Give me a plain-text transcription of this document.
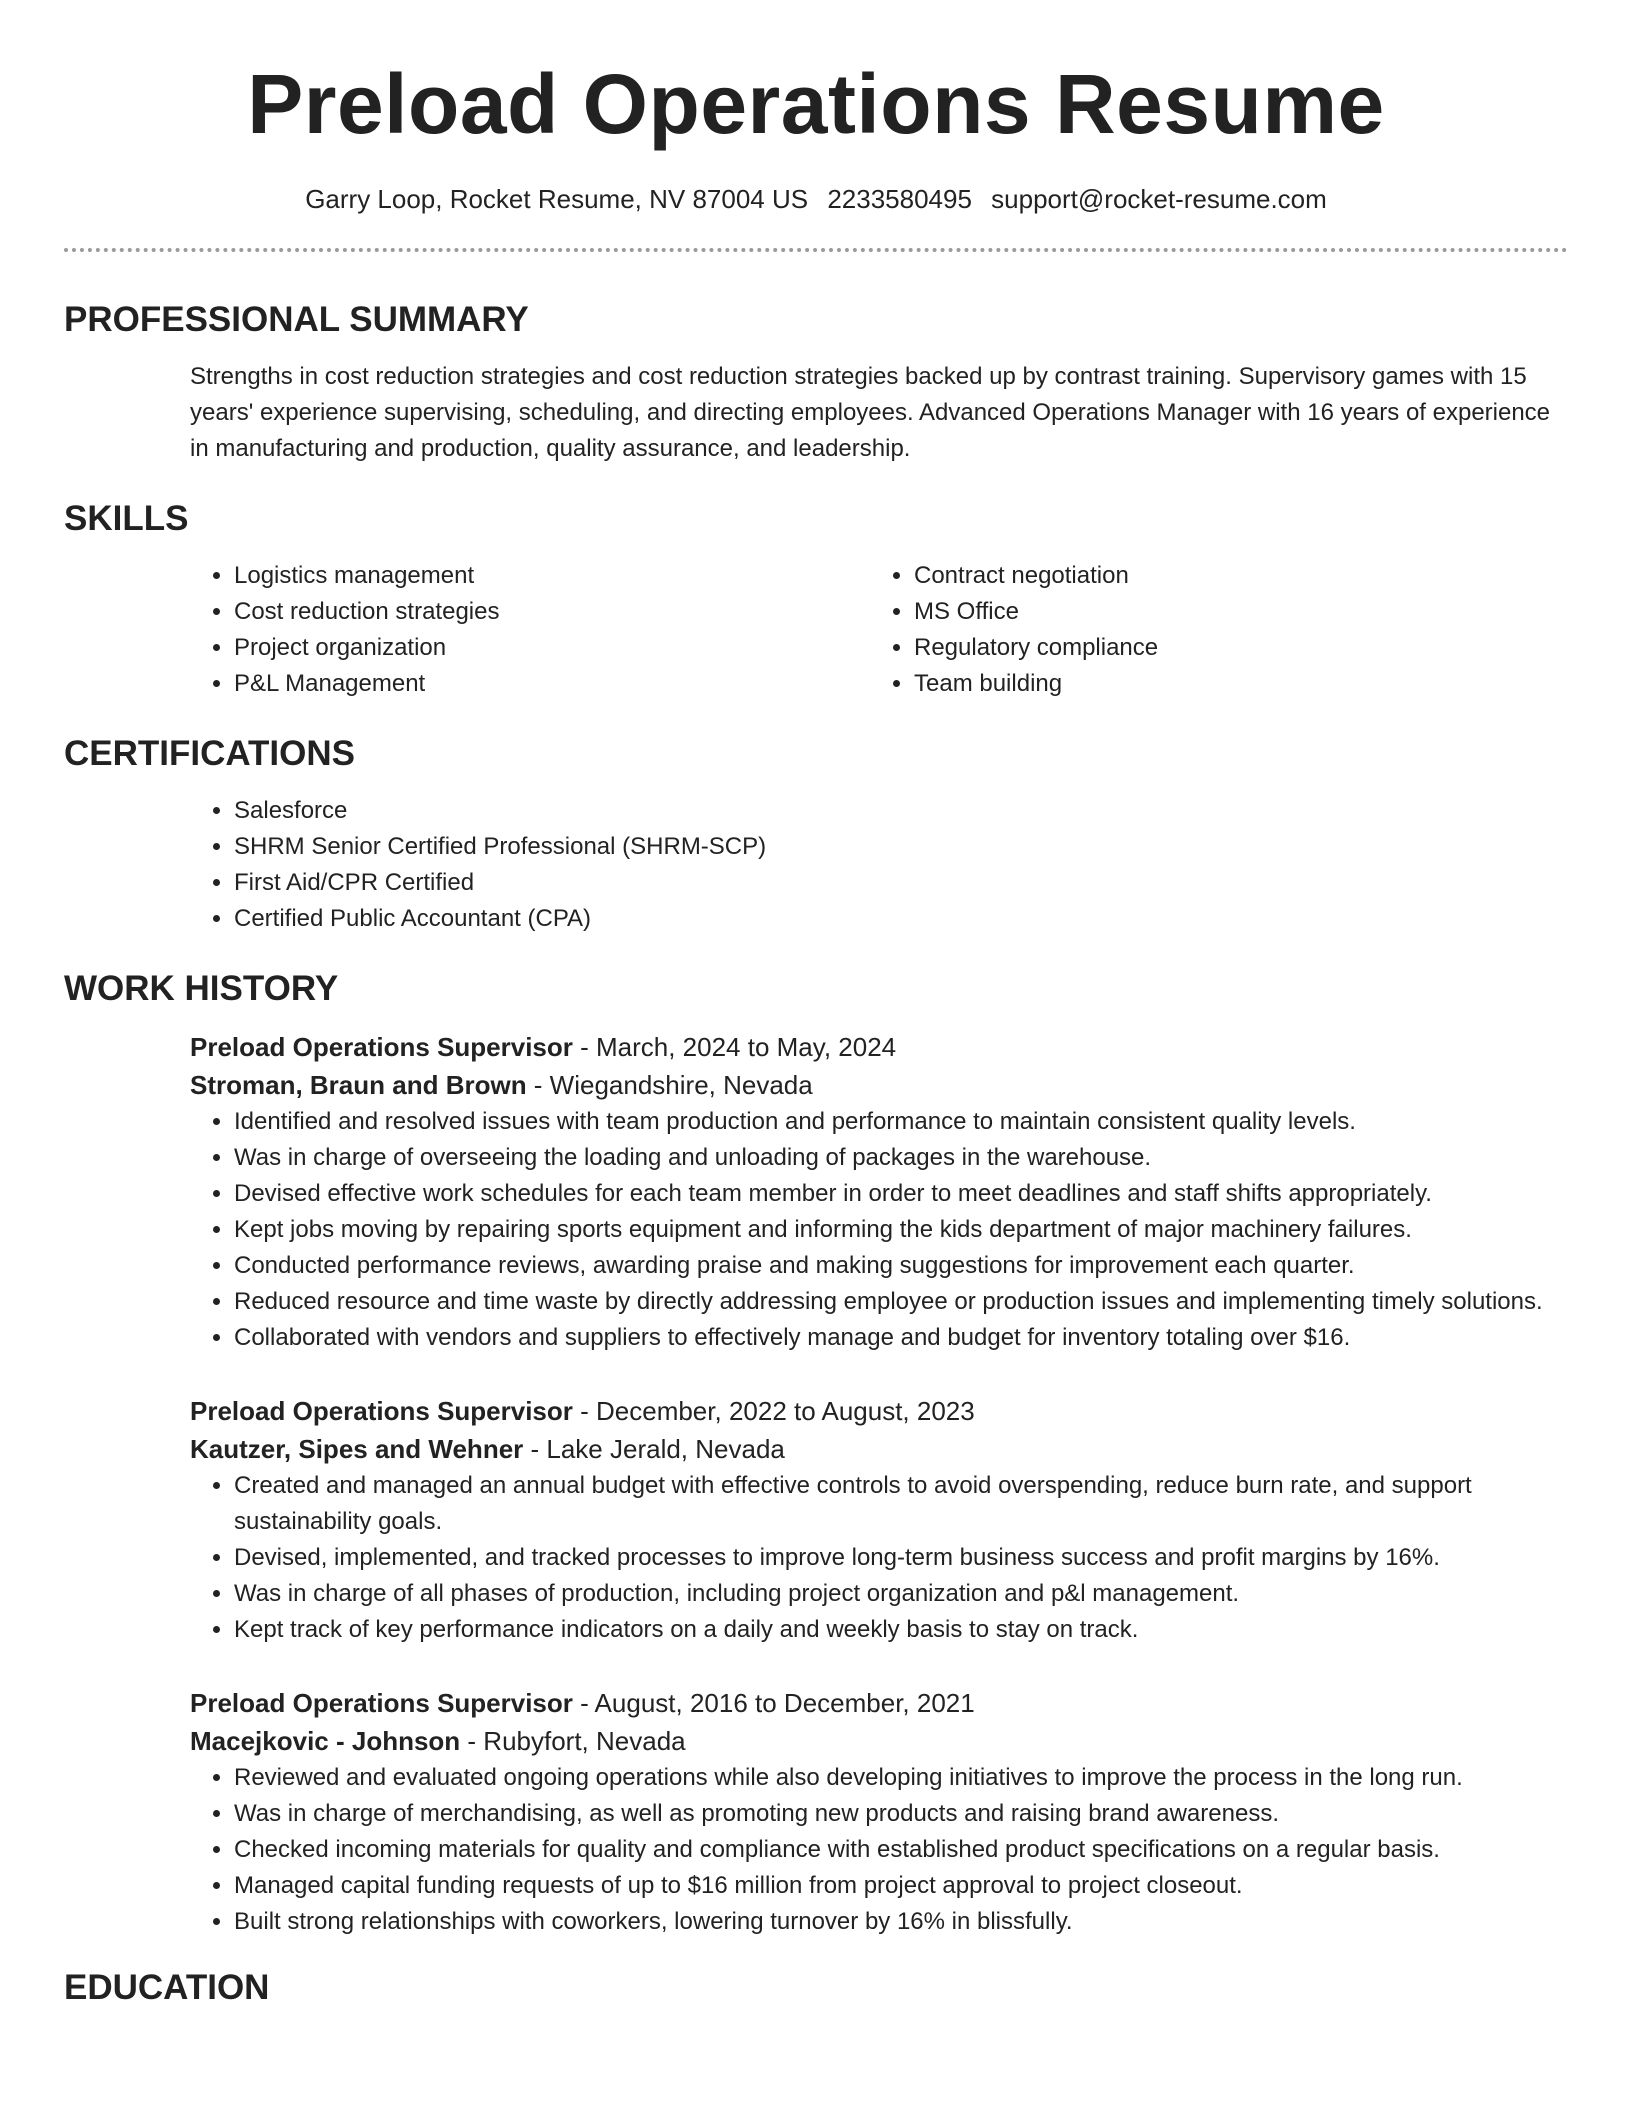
Preload Operations Resume
Garry Loop, Rocket Resume, NV 87004 US 2233580495 support@rocket-resume.com
PROFESSIONAL SUMMARY

Strengths in cost reduction strategies and cost reduction strategies backed up by contrast training. Supervisory games with 15 years' experience supervising, scheduling, and directing employees. Advanced Operations Manager with 16 years of experience in manufacturing and production, quality assurance, and leadership.

SKILLS
• Logistics management
• Cost reduction strategies
• Project organization
• P&L Management
• Contract negotiation
• MS Office
• Regulatory compliance
• Team building
CERTIFICATIONS
• Salesforce
• SHRM Senior Certified Professional (SHRM-SCP)
• First Aid/CPR Certified
• Certified Public Accountant (CPA)
WORK HISTORY
Preload Operations Supervisor - March, 2024 to May, 2024
Stroman, Braun and Brown - Wiegandshire, Nevada
• Identified and resolved issues with team production and performance to maintain consistent quality levels.
• Was in charge of overseeing the loading and unloading of packages in the warehouse.
• Devised effective work schedules for each team member in order to meet deadlines and staff shifts appropriately.
• Kept jobs moving by repairing sports equipment and informing the kids department of major machinery failures.
• Conducted performance reviews, awarding praise and making suggestions for improvement each quarter.
• Reduced resource and time waste by directly addressing employee or production issues and implementing timely solutions.
• Collaborated with vendors and suppliers to effectively manage and budget for inventory totaling over $16.
Preload Operations Supervisor - December, 2022 to August, 2023
Kautzer, Sipes and Wehner - Lake Jerald, Nevada
• Created and managed an annual budget with effective controls to avoid overspending, reduce burn rate, and support sustainability goals.
• Devised, implemented, and tracked processes to improve long-term business success and profit margins by 16%.
• Was in charge of all phases of production, including project organization and p&l management.
• Kept track of key performance indicators on a daily and weekly basis to stay on track.
Preload Operations Supervisor - August, 2016 to December, 2021
Macejkovic - Johnson - Rubyfort, Nevada
• Reviewed and evaluated ongoing operations while also developing initiatives to improve the process in the long run.
• Was in charge of merchandising, as well as promoting new products and raising brand awareness.
• Checked incoming materials for quality and compliance with established product specifications on a regular basis.
• Managed capital funding requests of up to $16 million from project approval to project closeout.
• Built strong relationships with coworkers, lowering turnover by 16% in blissfully.
EDUCATION
